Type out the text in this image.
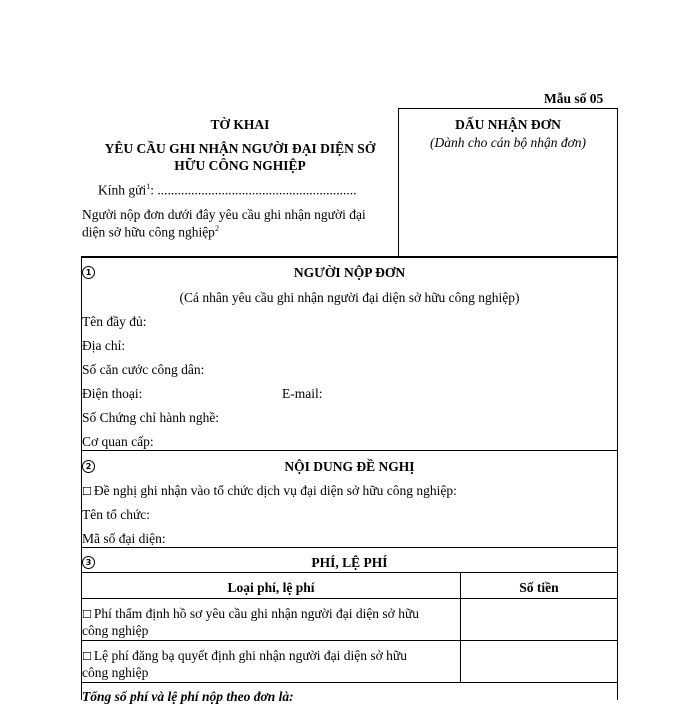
Mẫu số 05
DẤU NHẬN ĐƠN
(Dành cho cán bộ nhận đơn)
TỜ KHAI
YÊU CẦU GHI NHẬN NGƯỜI ĐẠI DIỆN SỞ
HỮU CÔNG NGHIỆP
Kính gửi$^1$: ...........................................................
Người nộp đơn dưới đây yêu cầu ghi nhận người đại
diện sở hữu công nghiệp$^2$
1	NGƯỜI NỘP ĐƠN
(Cá nhân yêu cầu ghi nhận người đại diện sở hữu công nghiệp)
Tên đầy đủ:
Địa chỉ:
Số căn cước công dân:
Điện thoại:	E-mail:
Số Chứng chỉ hành nghề:
Cơ quan cấp:
2	NỘI DUNG ĐỀ NGHỊ
☐ Đề nghị ghi nhận vào tổ chức dịch vụ đại diện sở hữu công nghiệp:
Tên tổ chức:
Mã số đại diện:
3	PHÍ, LỆ PHÍ
Loại phí, lệ phí	Số tiền
☐ Phí thẩm định hồ sơ yêu cầu ghi nhận người đại diện sở hữu
công nghiệp
☐ Lệ phí đăng bạ quyết định ghi nhận người đại diện sở hữu
công nghiệp
Tổng số phí và lệ phí nộp theo đơn là:
